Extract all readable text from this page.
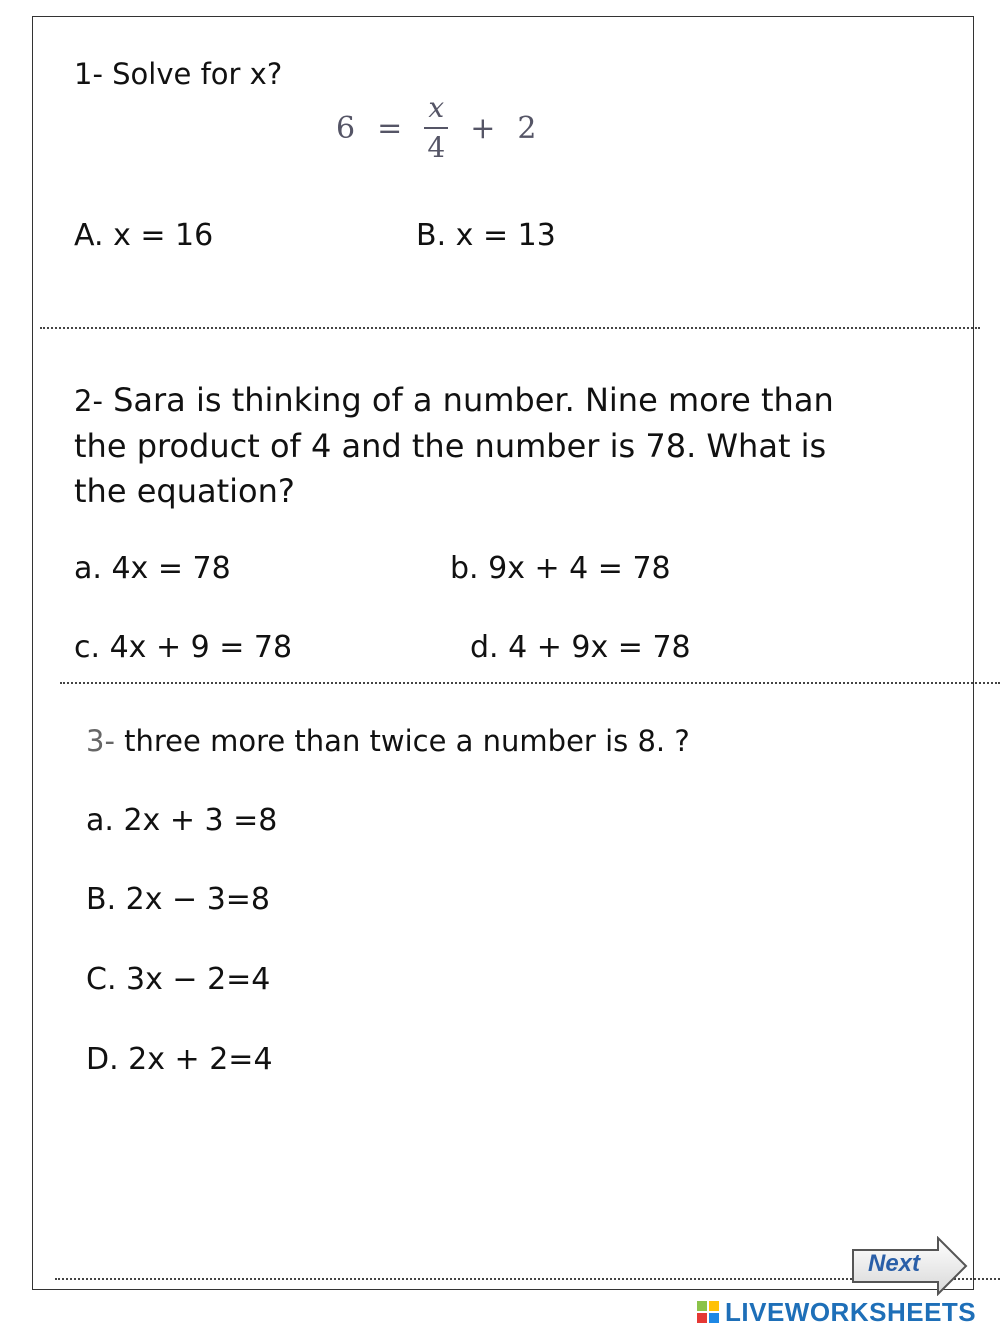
1- Solve for x?
$6 = \frac{x}{4} + 2$
A. x = 16	B. x = 13
2- Sara is thinking of a number. Nine more than
the product of 4 and the number is 78. What is
the equation?
a. 4x = 78	b. 9x + 4 = 78
c. 4x + 9 = 78	d. 4 + 9x = 78
3- three more than twice a number is 8. ?
a. 2x + 3 =8
B. 2x − 3=8
C. 3x − 2=4
D. 2x + 2=4
Next
LIVEWORKSHEETS
